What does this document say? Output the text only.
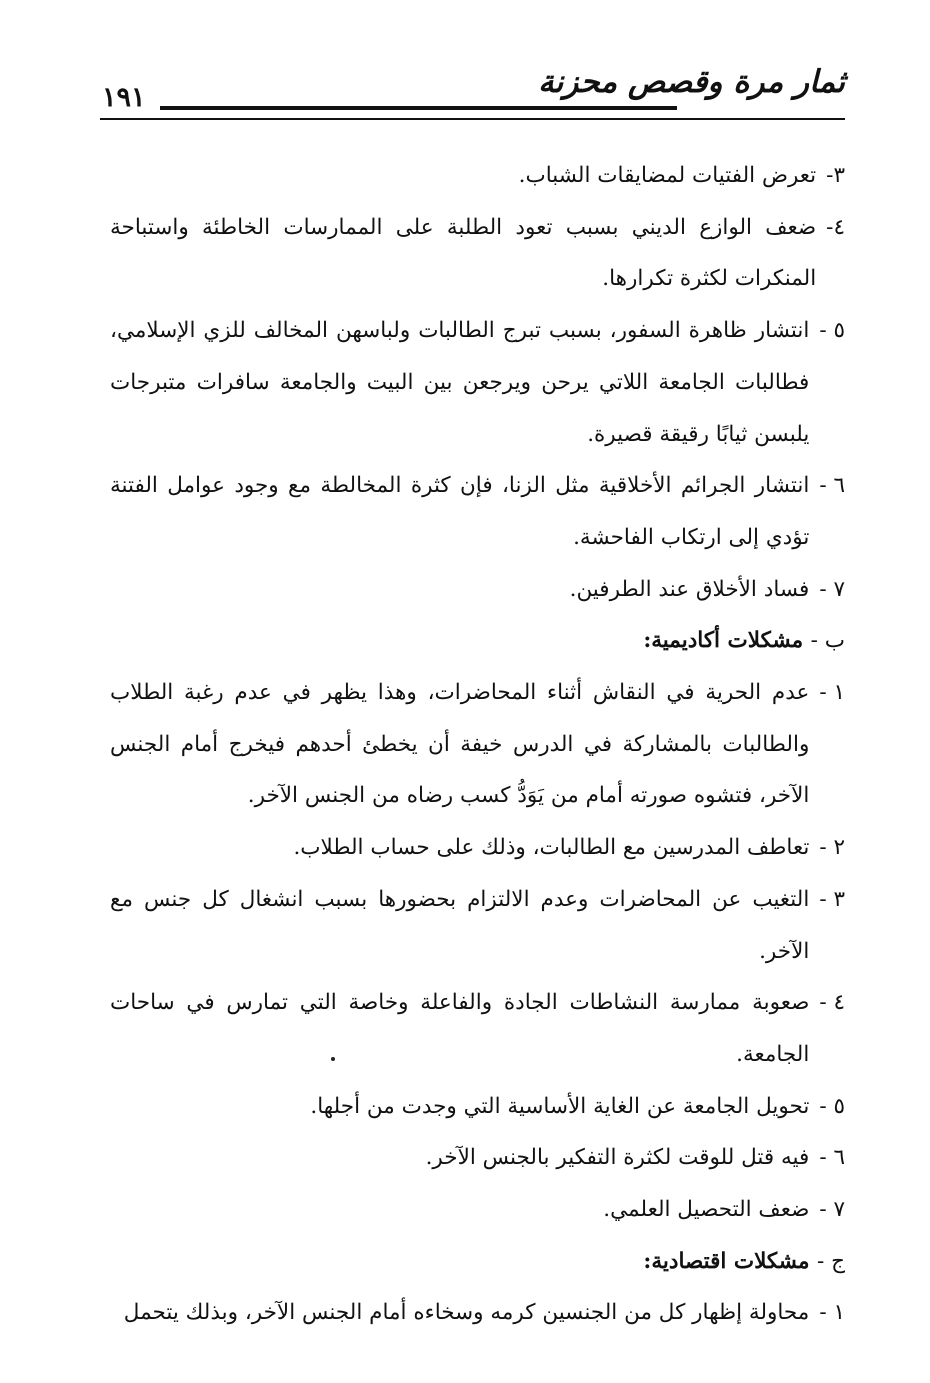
١٩١	ثمار مرة وقصص محزنة
٣-
تعرض الفتيات لمضايقات الشباب.
٤-
ضعف الوازع الديني بسبب تعود الطلبة على الممارسات الخاطئة واستباحة المنكرات لكثرة تكرارها.
٥ -
انتشار ظاهرة السفور، بسبب تبرج الطالبات ولباسهن المخالف للزي الإسلامي، فطالبات الجامعة اللاتي يرحن ويرجعن بين البيت والجامعة سافرات متبرجات يلبسن ثيابًا رقيقة قصيرة.
٦ -
انتشار الجرائم الأخلاقية مثل الزنا، فإن كثرة المخالطة مع وجود عوامل الفتنة تؤدي إلى ارتكاب الفاحشة.
٧ -
فساد الأخلاق عند الطرفين.
ب - مشكلات أكاديمية:
١ -
عدم الحرية في النقاش أثناء المحاضرات، وهذا يظهر في عدم رغبة الطلاب والطالبات بالمشاركة في الدرس خيفة أن يخطئ أحدهم فيخرج أمام الجنس الآخر، فتشوه صورته أمام من يَوَدُّ كسب رضاه من الجنس الآخر.
٢ -
تعاطف المدرسين مع الطالبات، وذلك على حساب الطلاب.
٣ -
التغيب عن المحاضرات وعدم الالتزام بحضورها بسبب انشغال كل جنس مع الآخر.
٤ -
صعوبة ممارسة النشاطات الجادة والفاعلة وخاصة التي تمارس في ساحات الجامعة.
٥ -
تحويل الجامعة عن الغاية الأساسية التي وجدت من أجلها.
٦ -
فيه قتل للوقت لكثرة التفكير بالجنس الآخر.
٧ -
ضعف التحصيل العلمي.
ج - مشكلات اقتصادية:
١ -
محاولة إظهار كل من الجنسين كرمه وسخاءه أمام الجنس الآخر، وبذلك يتحمل
